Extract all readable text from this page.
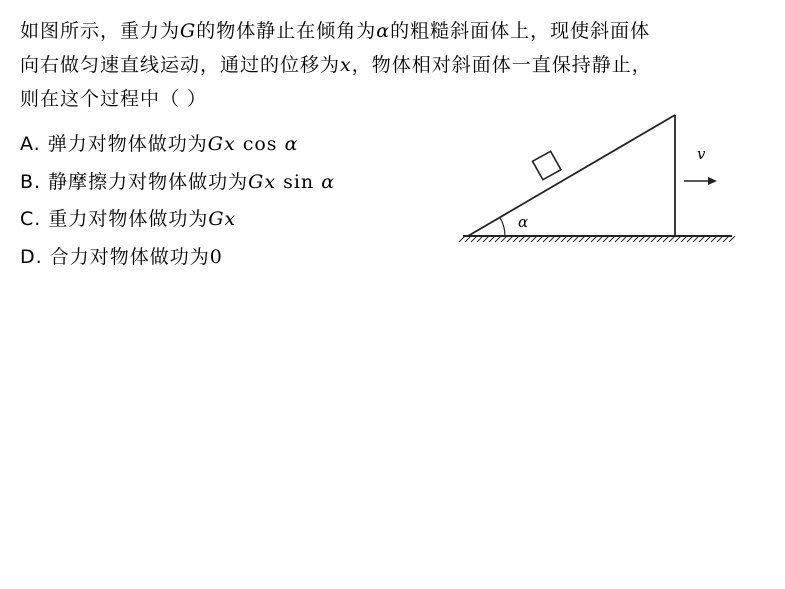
如图所示，重力为G的物体静止在倾角为α的粗糙斜面体上，现使斜面体
向右做匀速直线运动，通过的位移为x，物体相对斜面体一直保持静止，
则在这个过程中（ ）
A. 弹力对物体做功为Gx cos α
B. 静摩擦力对物体做功为Gx sin α
C. 重力对物体做功为Gx
D. 合力对物体做功为0
α
v
